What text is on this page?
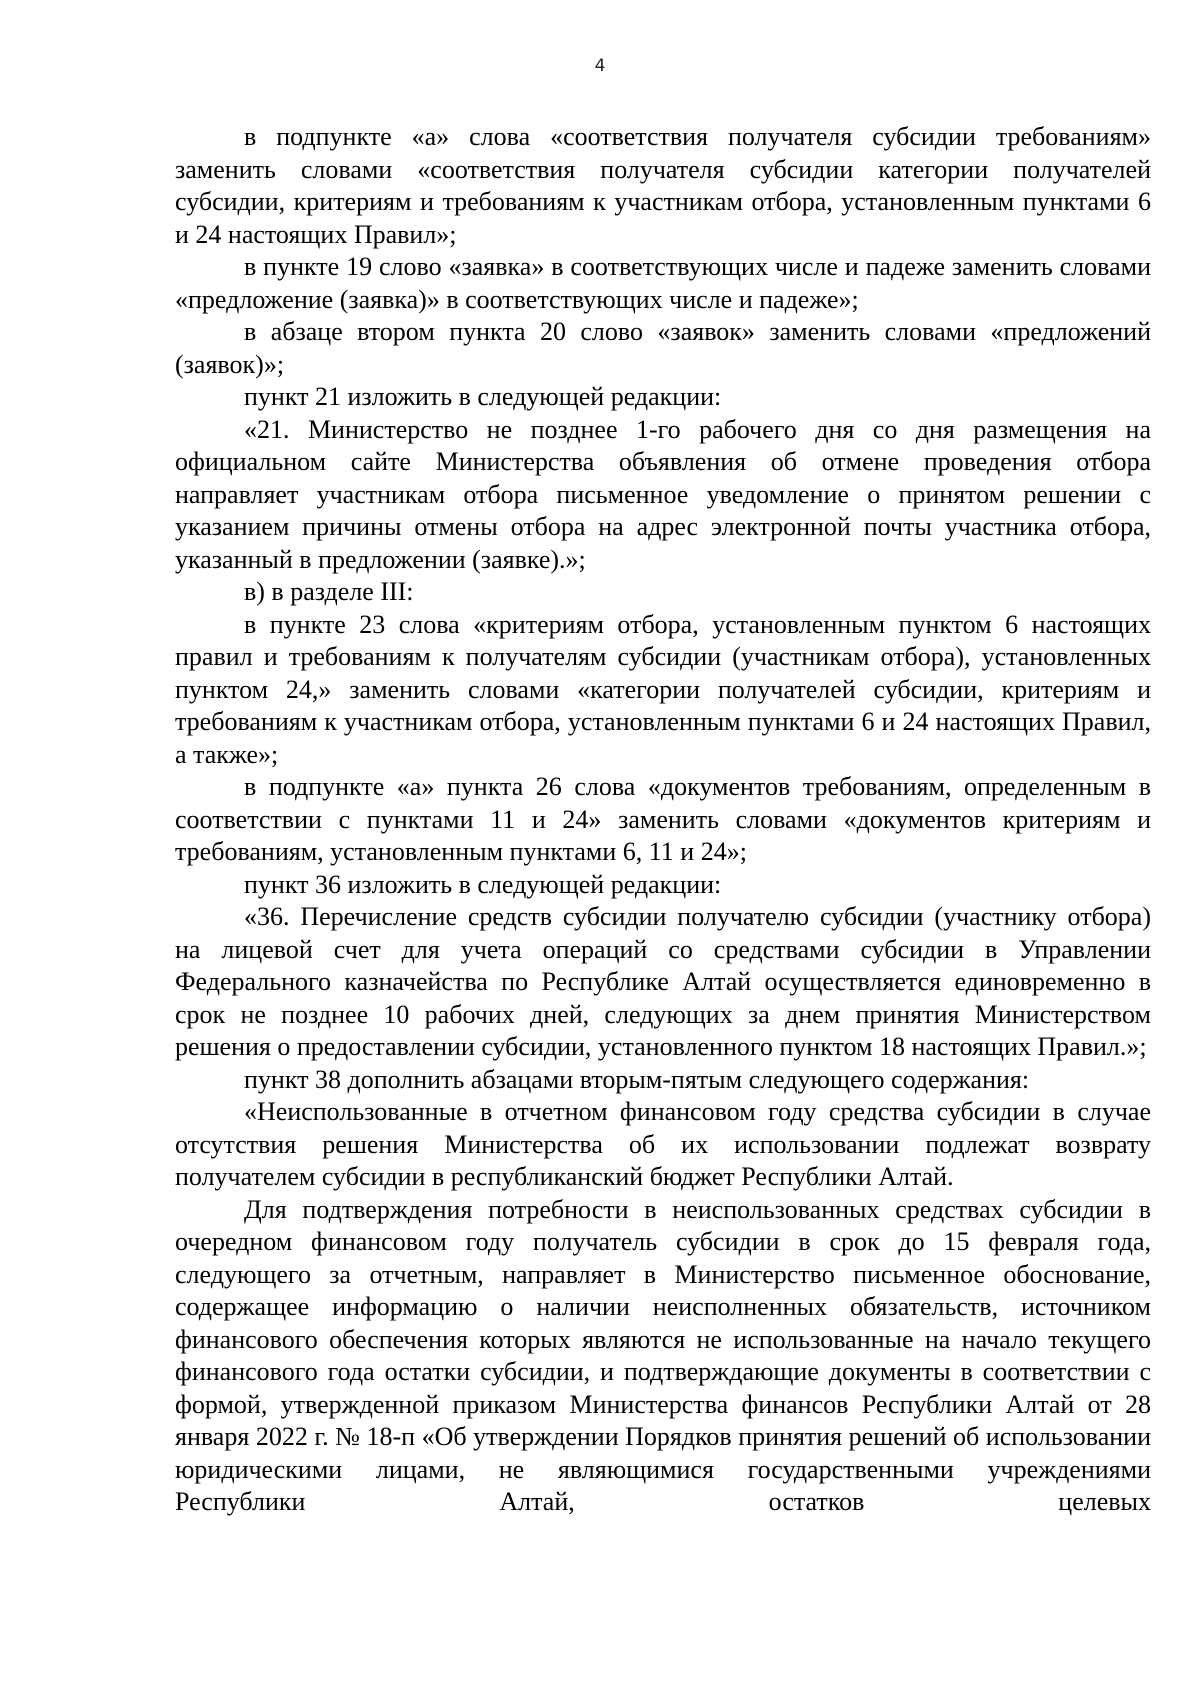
4

в подпункте «а» слова «соответствия получателя субсидии требованиям» заменить словами «соответствия получателя субсидии категории получателей субсидии, критериям и требованиям к участникам отбора, установленным пунктами 6 и 24 настоящих Правил»;

в пункте 19 слово «заявка» в соответствующих числе и падеже заменить словами «предложение (заявка)» в соответствующих числе и падеже»;

в абзаце втором пункта 20 слово «заявок» заменить словами «предложений (заявок)»;

пункт 21 изложить в следующей редакции:

«21. Министерство не позднее 1-го рабочего дня со дня размещения на официальном сайте Министерства объявления об отмене проведения отбора направляет участникам отбора письменное уведомление о принятом решении с указанием причины отмены отбора на адрес электронной почты участника отбора, указанный в предложении (заявке).»;

в) в разделе III:

в пункте 23 слова «критериям отбора, установленным пунктом 6 настоящих правил и требованиям к получателям субсидии (участникам отбора), установленных пунктом 24,» заменить словами «категории получателей субсидии, критериям и требованиям к участникам отбора, установленным пунктами 6 и 24 настоящих Правил, а также»;

в подпункте «а» пункта 26 слова «документов требованиям, определенным в соответствии с пунктами 11 и 24» заменить словами «документов критериям и требованиям, установленным пунктами 6, 11 и 24»;

пункт 36 изложить в следующей редакции:

«36. Перечисление средств субсидии получателю субсидии (участнику отбора) на лицевой счет для учета операций со средствами субсидии в Управлении Федерального казначейства по Республике Алтай осуществляется единовременно в срок не позднее 10 рабочих дней, следующих за днем принятия Министерством решения о предоставлении субсидии, установленного пунктом 18 настоящих Правил.»;

пункт 38 дополнить абзацами вторым-пятым следующего содержания:

«Неиспользованные в отчетном финансовом году средства субсидии в случае отсутствия решения Министерства об их использовании подлежат возврату получателем субсидии в республиканский бюджет Республики Алтай.

Для подтверждения потребности в неиспользованных средствах субсидии в очередном финансовом году получатель субсидии в срок до 15 февраля года, следующего за отчетным, направляет в Министерство письменное обоснование, содержащее информацию о наличии неисполненных обязательств, источником финансового обеспечения которых являются не использованные на начало текущего финансового года остатки субсидии, и подтверждающие документы в соответствии с формой, утвержденной приказом Министерства финансов Республики Алтай от 28 января 2022 г. № 18-п «Об утверждении Порядков принятия решений об использовании юридическими лицами, не являющимися государственными учреждениями Республики Алтай, остатков целевых
